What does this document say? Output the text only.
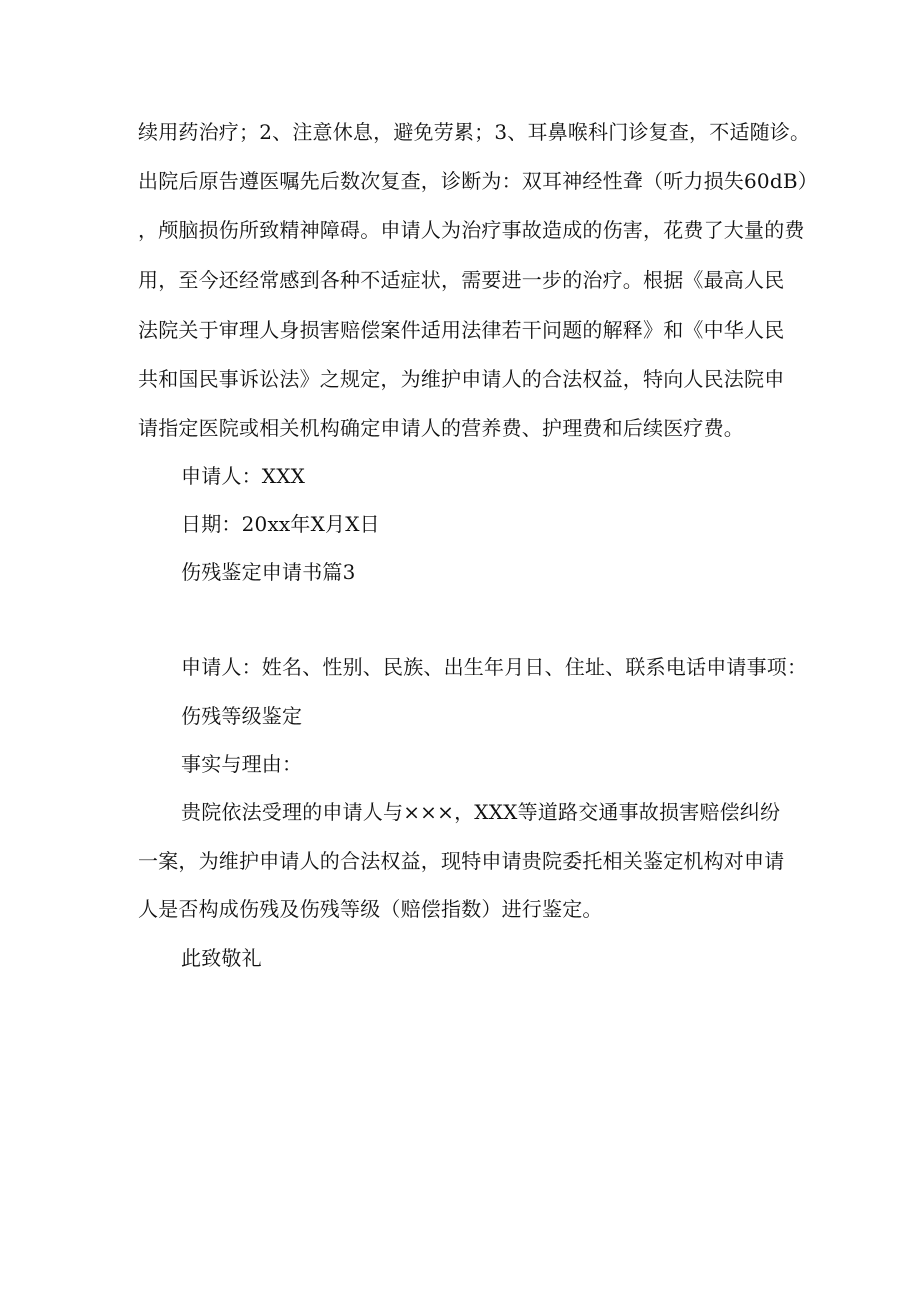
续用药治疗；2、注意休息，避免劳累；3、耳鼻喉科门诊复查，不适随诊。
出院后原告遵医嘱先后数次复查，诊断为：双耳神经性聋（听力损失60dB）
，颅脑损伤所致精神障碍。申请人为治疗事故造成的伤害，花费了大量的费
用，至今还经常感到各种不适症状，需要进一步的治疗。根据《最高人民
法院关于审理人身损害赔偿案件适用法律若干问题的解释》和《中华人民
共和国民事诉讼法》之规定，为维护申请人的合法权益，特向人民法院申
请指定医院或相关机构确定申请人的营养费、护理费和后续医疗费。
申请人：XXX
日期：20xx年X月X日
伤残鉴定申请书篇3
申请人：姓名、性别、民族、出生年月日、住址、联系电话申请事项：
伤残等级鉴定
事实与理由：
贵院依法受理的申请人与×××，XXX等道路交通事故损害赔偿纠纷
一案，为维护申请人的合法权益，现特申请贵院委托相关鉴定机构对申请
人是否构成伤残及伤残等级（赔偿指数）进行鉴定。
此致敬礼
